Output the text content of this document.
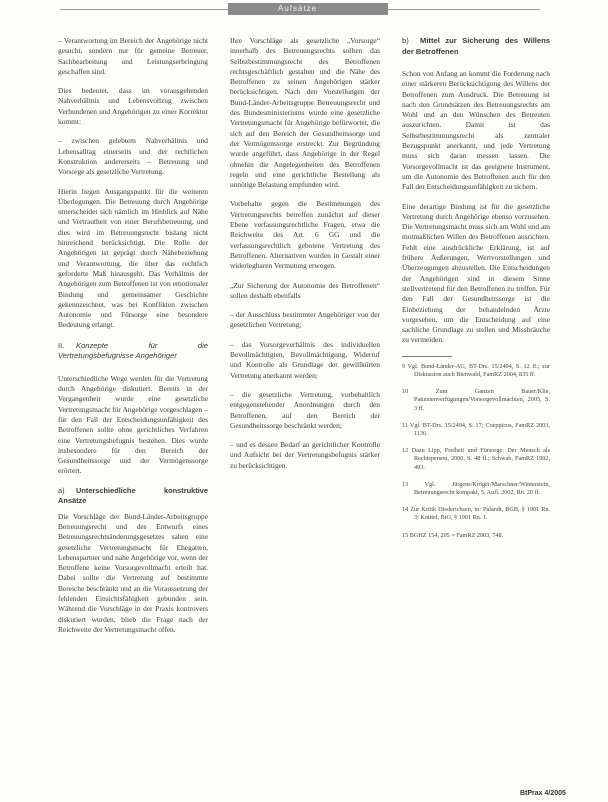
Aufsätze

– Verantwortung im Bereich der Angehörige nicht gesucht, sondern nur für gemeine Betreuer, Sachbearbeitung und Leistungserbringung geschaffen sind.

Dies bedeutet, dass im vorausgehenden Nahverhältnis und Lebensvollzug zwischen Verbundenen und Angehörigen zu einer Korrektur kommt:

– zwischen gelebtem Nahverhältnis und Lebensalltag einerseits und der rechtlichen Konstruktion andererseits – Betreuung und Vorsorge als gesetzliche Vertretung.

Hierin liegen Ausgangspunkt für die weiteren Überlegungen. Die Betreuung durch Angehörige unterscheidet sich nämlich im Hinblick auf Nähe und Vertrautheit von einer Berufsbetreuung, und dies wird im Betreuungsrecht bislang nicht hinreichend berücksichtigt. Die Rolle der Angehörigen ist geprägt durch Nähebeziehung und Verantwortung, die über das rechtlich geforderte Maß hinausgeht. Das Verhältnis der Angehörigen zum Betroffenen ist von emotionaler Bindung und gemeinsamer Geschichte gekennzeichnet, was bei Konflikten zwischen Autonomie und Fürsorge eine besondere Bedeutung erlangt.

II. Konzepte für die Vertretungsbefugnisse Angehöriger

Unterschiedliche Wege werden für die Vertretung durch Angehörige diskutiert. Bereits in der Vergangenheit wurde eine gesetzliche Vertretungsmacht für Angehörige vorgeschlagen – für den Fall der Entscheidungsunfähigkeit des Betroffenen sollte ohne gerichtliches Verfahren eine Vertretungsbefugnis bestehen. Dies wurde insbesondere für den Bereich der Gesundheitssorge und der Vermögenssorge erörtert.

a) Unterschiedliche konstruktive Ansätze

Die Vorschläge der Bund-Länder-Arbeitsgruppe Betreuungsrecht und des Entwurfs eines Betreuungsrechtsänderungsgesetzes sahen eine gesetzliche Vertretungsmacht für Ehegatten, Lebenspartner und nahe Angehörige vor, wenn der Betroffene keine Vorsorgevollmacht erteilt hat. Dabei sollte die Vertretung auf bestimmte Bereiche beschränkt und an die Voraussetzung der fehlenden Einsichtsfähigkeit gebunden sein. Während die Vorschläge in der Praxis kontrovers diskutiert wurden, blieb die Frage nach der Reichweite der Vertretungsmacht offen.

Ihre Vorschläge als gesetzliche „Vorsorge“ innerhalb des Betreuungsrechts sollten das Selbstbestimmungsrecht des Betroffenen rechtsgeschäftlich gestalten und die Nähe des Betroffenen zu seinen Angehörigen stärker berücksichtigen. Nach den Vorstellungen der Bund-Länder-Arbeitsgruppe Betreuungsrecht und des Bundesministeriums wurde eine gesetzliche Vertretungsmacht für Angehörige befürwortet, die sich auf den Bereich der Gesundheitssorge und der Vermögenssorge erstreckt. Zur Begründung wurde angeführt, dass Angehörige in der Regel ohnehin die Angelegenheiten des Betroffenen regeln und eine gerichtliche Bestellung als unnötige Belastung empfunden wird.

Vorbehalte gegen die Bestimmungen des Vertretungsrechts betreffen zunächst auf dieser Ebene verfassungsrechtliche Fragen, etwa die Reichweite des Art. 6 GG und die verfassungsrechtlich gebotene Vertretung des Betroffenen. Alternativen wurden in Gestalt einer widerlegbaren Vermutung erwogen.

„Zur Sicherung der Autonomie des Betroffenen“ sollen deshalb ebenfalls

– der Ausschluss bestimmter Angehöriger von der gesetzlichen Vertretung;

– das Vorsorgeverhältnis des individuellen Bevollmächtigten, Bevollmächtigung, Widerruf und Kontrolle als Grundlage der gewillkürten Vertretung anerkannt werden;

– die gesetzliche Vertretung, vorbehaltlich entgegenstehender Anordnungen durch den Betroffenen, auf den Bereich der Gesundheitssorge beschränkt werden;

– und es dessen Bedarf an gerichtlicher Kontrolle und Aufsicht bei der Vertretungsbefugnis stärker zu berücksichtigen.

b) Mittel zur Sicherung des Willens der Betroffenen

Schon von Anfang an kommt die Forderung nach einer stärkeren Berücksichtigung des Willens der Betroffenen zum Ausdruck. Die Betreuung ist nach den Grundsätzen des Betreuungsrechts am Wohl und an den Wünschen des Betreuten auszurichten. Damit ist das Selbstbestimmungsrecht als zentraler Bezugspunkt anerkannt, und jede Vertretung muss sich daran messen lassen. Die Vorsorgevollmacht ist das geeignete Instrument, um die Autonomie des Betroffenen auch für den Fall der Entscheidungsunfähigkeit zu sichern.

Eine derartige Bindung ist für die gesetzliche Vertretung durch Angehörige ebenso vorzusehen. Die Vertretungsmacht muss sich am Wohl und am mutmaßlichen Willen des Betroffenen ausrichten. Fehlt eine ausdrückliche Erklärung, ist auf frühere Äußerungen, Wertvorstellungen und Überzeugungen abzustellen. Die Entscheidungen der Angehörigen sind in diesem Sinne stellvertretend für den Betroffenen zu treffen. Für den Fall der Gesundheitssorge ist die Einbeziehung der behandelnden Ärzte vorgesehen, um die Entscheidung auf eine sachliche Grundlage zu stellen und Missbräuche zu vermeiden.

9 Vgl. Bund-Länder-AG, BT-Drs. 15/2494, S. 12 ff.; zur Diskussion auch Bienwald, FamRZ 2004, 835 ff.

10 Zum Ganzen Bauer/Klie, Patientenverfügungen/Vorsorgevollmachten, 2005, S. 3 ff.

11 Vgl. BT-Drs. 15/2494, S. 17; Coeppicus, FamRZ 2003, 1136.

12 Dazu Lipp, Freiheit und Fürsorge: Der Mensch als Rechtsperson, 2000, S. 48 ff.; Schwab, FamRZ 1992, 493.

13 Vgl. Jürgens/Kröger/Marschner/Winterstein, Betreuungsrecht kompakt, 5. Aufl. 2002, Rn. 20 ff.

14 Zur Kritik Diederichsen, in: Palandt, BGB, § 1901 Rn. 3; Knittel, BtG, § 1901 Rn. 1.

15 BGHZ 154, 205 = FamRZ 2003, 748.

BtPrax 4/2005
